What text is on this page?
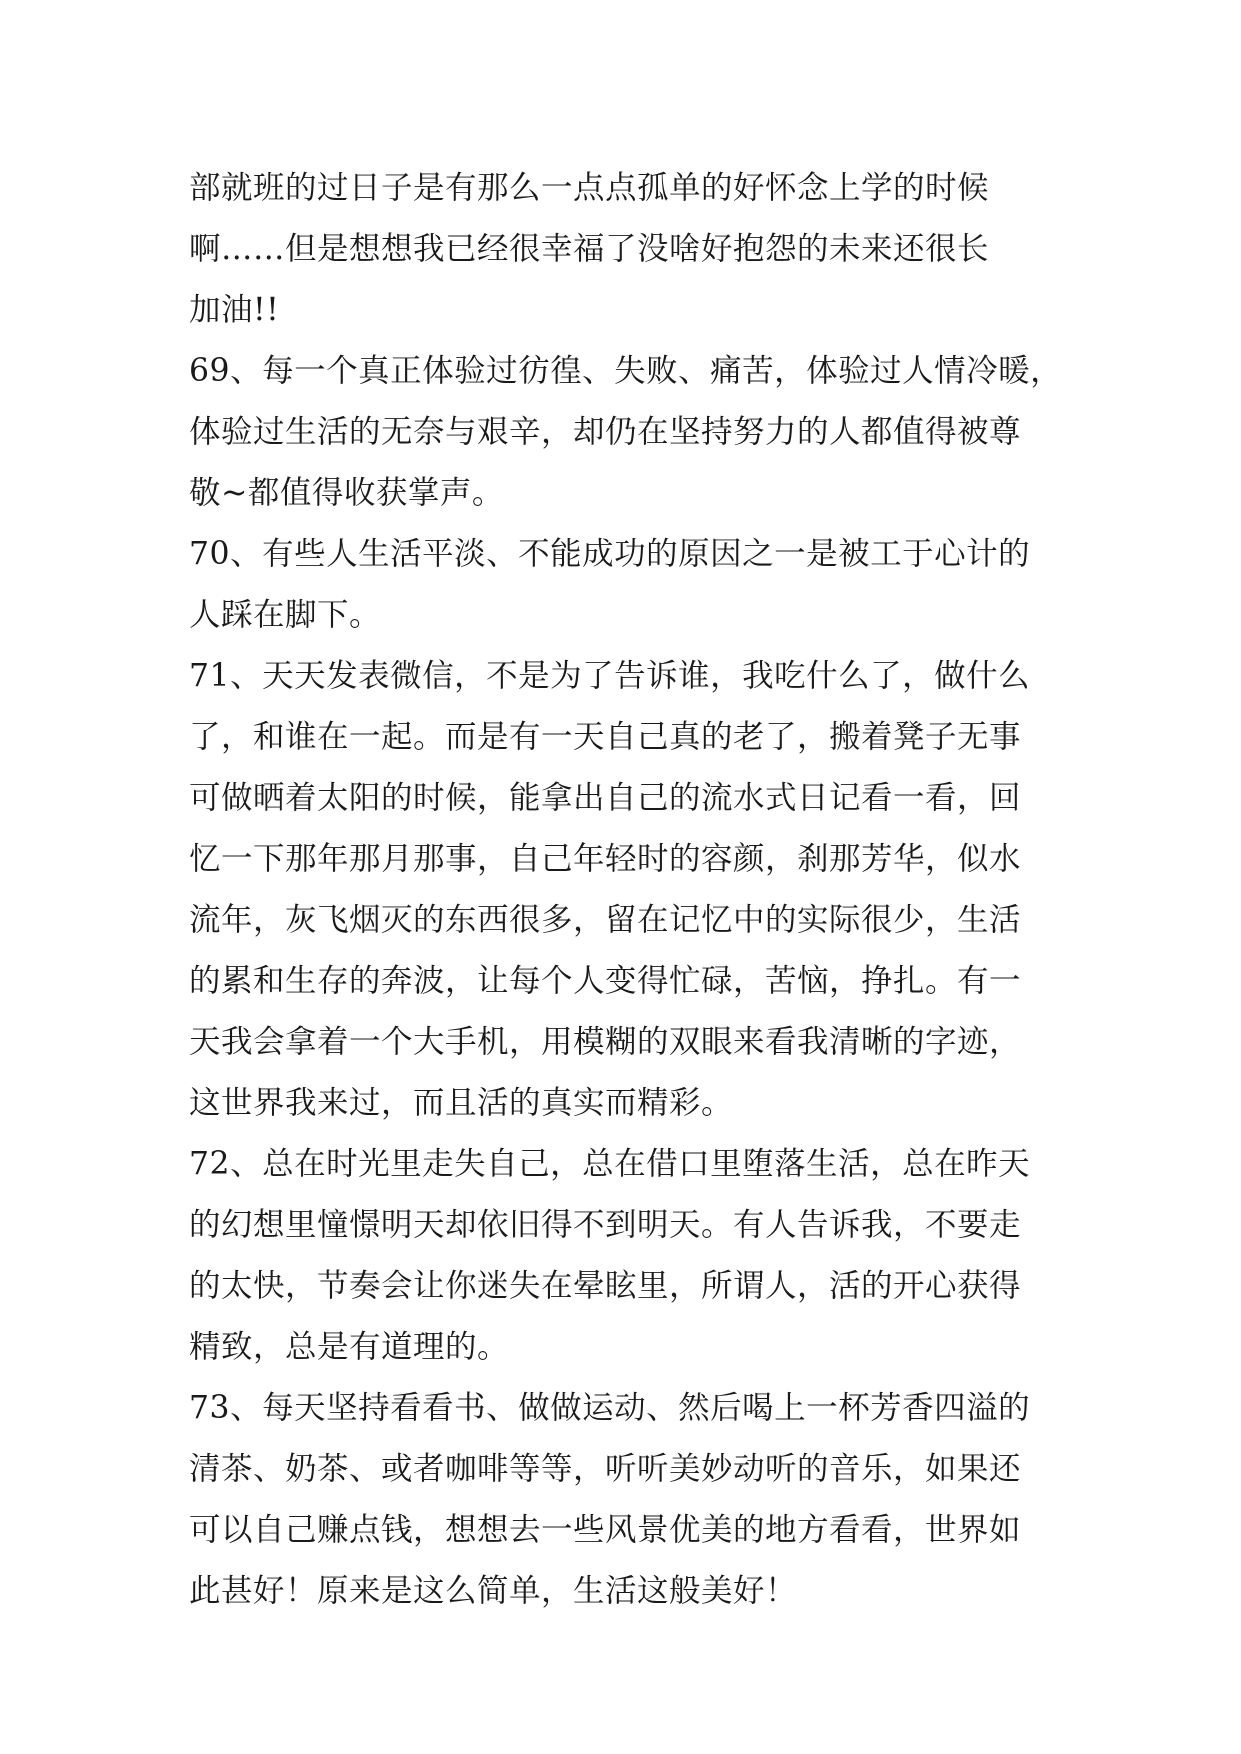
部就班的过日子是有那么一点点孤单的好怀念上学的时候
啊……但是想想我已经很幸福了没啥好抱怨的未来还很长
加油!!
69、每一个真正体验过彷徨、失败、痛苦，体验过人情冷暖，
体验过生活的无奈与艰辛，却仍在坚持努力的人都值得被尊
敬~都值得收获掌声。
70、有些人生活平淡、不能成功的原因之一是被工于心计的
人踩在脚下。
71、天天发表微信，不是为了告诉谁，我吃什么了，做什么
了，和谁在一起。而是有一天自己真的老了，搬着凳子无事
可做晒着太阳的时候，能拿出自己的流水式日记看一看，回
忆一下那年那月那事，自己年轻时的容颜，刹那芳华，似水
流年，灰飞烟灭的东西很多，留在记忆中的实际很少，生活
的累和生存的奔波，让每个人变得忙碌，苦恼，挣扎。有一
天我会拿着一个大手机，用模糊的双眼来看我清晰的字迹，
这世界我来过，而且活的真实而精彩。
72、总在时光里走失自己，总在借口里堕落生活，总在昨天
的幻想里憧憬明天却依旧得不到明天。有人告诉我，不要走
的太快，节奏会让你迷失在晕眩里，所谓人，活的开心获得
精致，总是有道理的。
73、每天坚持看看书、做做运动、然后喝上一杯芳香四溢的
清茶、奶茶、或者咖啡等等，听听美妙动听的音乐，如果还
可以自己赚点钱，想想去一些风景优美的地方看看，世界如
此甚好！原来是这么简单，生活这般美好！
